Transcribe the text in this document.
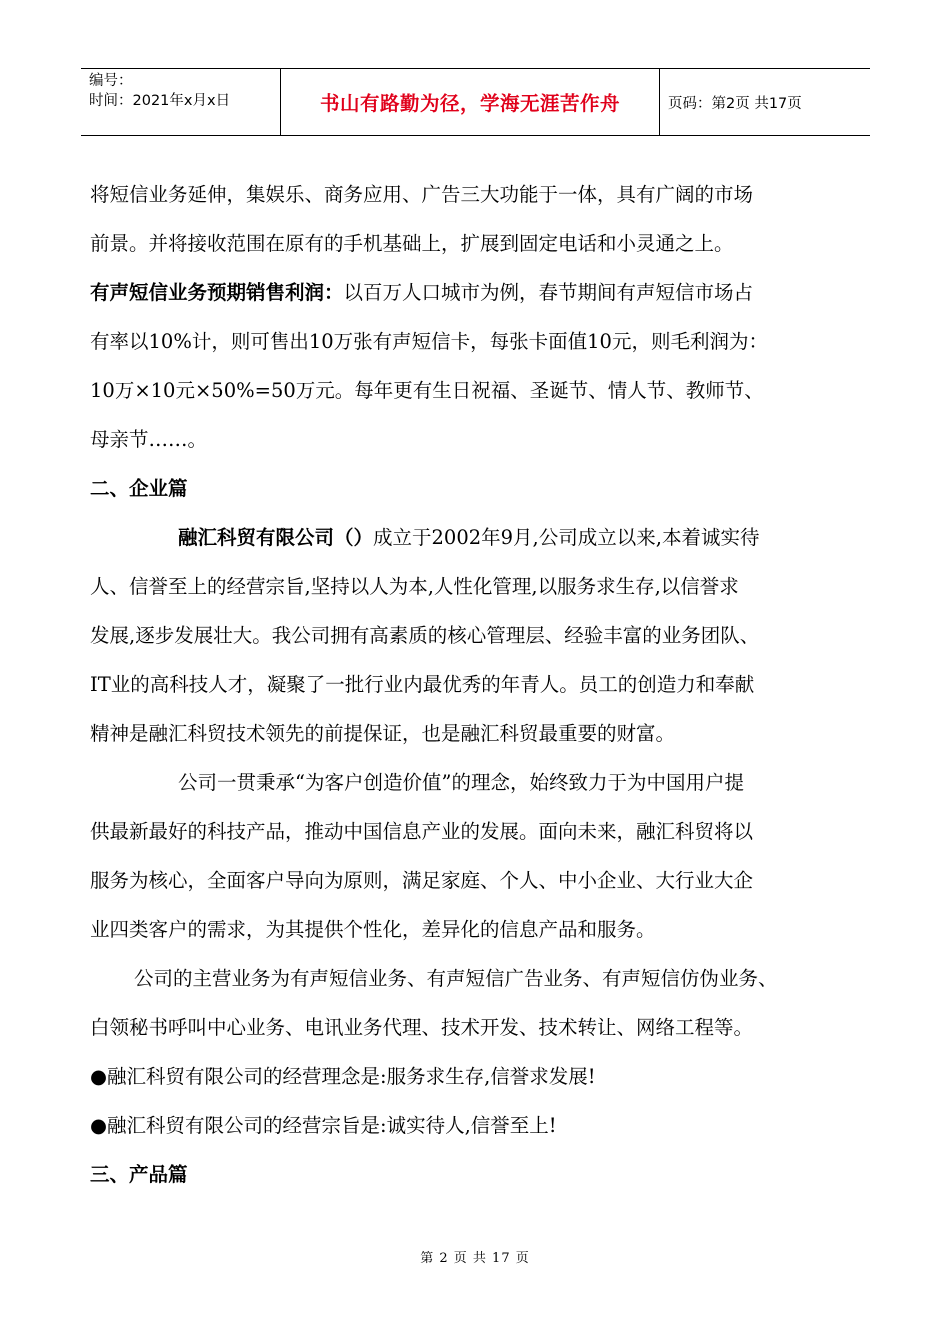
编号：
时间：2021年x月x日	书山有路勤为径，学海无涯苦作舟	页码：第2页 共17页

将短信业务延伸，集娱乐、商务应用、广告三大功能于一体，具有广阔的市场

前景。并将接收范围在原有的手机基础上，扩展到固定电话和小灵通之上。

有声短信业务预期销售利润：以百万人口城市为例，春节期间有声短信市场占

有率以10%计，则可售出10万张有声短信卡，每张卡面值10元，则毛利润为：

10万×10元×50%=50万元。每年更有生日祝福、圣诞节、情人节、教师节、

母亲节……。

二、企业篇

融汇科贸有限公司（）成立于2002年9月,公司成立以来,本着诚实待

人、信誉至上的经营宗旨,坚持以人为本,人性化管理,以服务求生存,以信誉求

发展,逐步发展壮大。我公司拥有高素质的核心管理层、经验丰富的业务团队、

IT业的高科技人才，凝聚了一批行业内最优秀的年青人。员工的创造力和奉献

精神是融汇科贸技术领先的前提保证，也是融汇科贸最重要的财富。

公司一贯秉承“为客户创造价值”的理念，始终致力于为中国用户提

供最新最好的科技产品，推动中国信息产业的发展。面向未来，融汇科贸将以

服务为核心，全面客户导向为原则，满足家庭、个人、中小企业、大行业大企

业四类客户的需求，为其提供个性化，差异化的信息产品和服务。

公司的主营业务为有声短信业务、有声短信广告业务、有声短信仿伪业务、

白领秘书呼叫中心业务、电讯业务代理、技术开发、技术转让、网络工程等。

●融汇科贸有限公司的经营理念是:服务求生存,信誉求发展!

●融汇科贸有限公司的经营宗旨是:诚实待人,信誉至上!

三、产品篇

第 2 页 共 17 页
